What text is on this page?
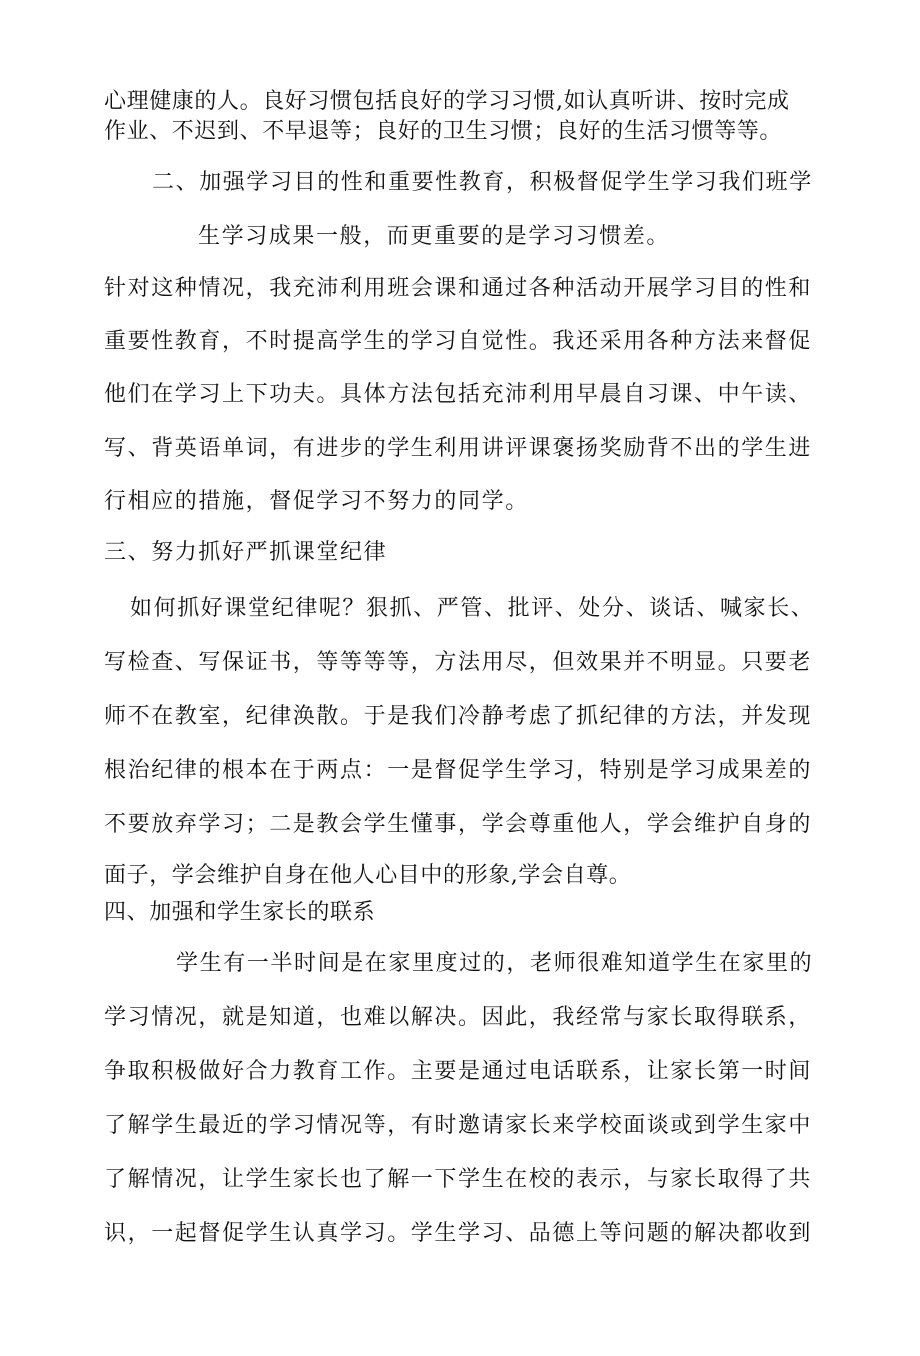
心理健康的人。良好习惯包括良好的学习习惯,如认真听讲、按时完成
作业、不迟到、不早退等；良好的卫生习惯；良好的生活习惯等等。
二、加强学习目的性和重要性教育，积极督促学生学习我们班学
生学习成果一般，而更重要的是学习习惯差。
针对这种情况，我充沛利用班会课和通过各种活动开展学习目的性和
重要性教育，不时提高学生的学习自觉性。我还采用各种方法来督促
他们在学习上下功夫。具体方法包括充沛利用早晨自习课、中午读、
写、背英语单词，有进步的学生利用讲评课褒扬奖励背不出的学生进
行相应的措施，督促学习不努力的同学。
三、努力抓好严抓课堂纪律
如何抓好课堂纪律呢？狠抓、严管、批评、处分、谈话、喊家长、
写检查、写保证书，等等等等，方法用尽，但效果并不明显。只要老
师不在教室，纪律涣散。于是我们冷静考虑了抓纪律的方法，并发现
根治纪律的根本在于两点：一是督促学生学习，特别是学习成果差的
不要放弃学习；二是教会学生懂事，学会尊重他人，学会维护自身的
面子，学会维护自身在他人心目中的形象,学会自尊。
四、加强和学生家长的联系
学生有一半时间是在家里度过的，老师很难知道学生在家里的
学习情况，就是知道，也难以解决。因此，我经常与家长取得联系，
争取积极做好合力教育工作。主要是通过电话联系，让家长第一时间
了解学生最近的学习情况等，有时邀请家长来学校面谈或到学生家中
了解情况，让学生家长也了解一下学生在校的表示，与家长取得了共
识，一起督促学生认真学习。学生学习、品德上等问题的解决都收到
